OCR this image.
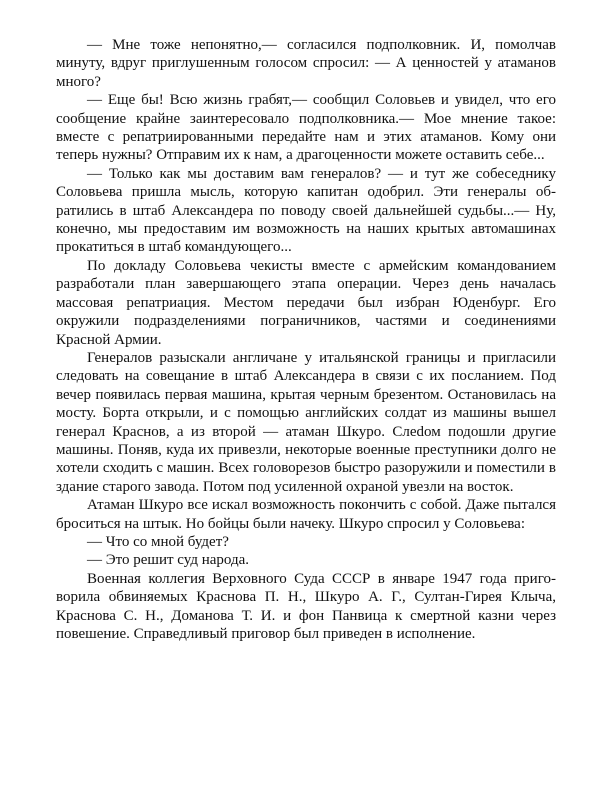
— Мне тоже непонятно,— согласился подполковник. И, помолчав минуту, вдруг приглушенным голосом спросил: — А ценностей у атаманов много?

— Еще бы! Всю жизнь грабят,— сообщил Соловьев и увидел, что его сообщение крайне заинтересовало подполковника.— Мое мнение такое: вместе с репатриированными передайте нам и этих атаманов. Кому они теперь нужны? Отправим их к нам, а драгоценности можете оставить себе...

— Только как мы доставим вам генералов? — и тут же собеседнику Соловьева пришла мысль, которую капитан одобрил. Эти генералы обратились в штаб Александера по поводу своей дальнейшей судьбы...— Ну, конечно, мы предоставим им возможность на наших крытых автомашинах прокатиться в штаб командующего...

По докладу Соловьева чекисты вместе с армейским командованием разработали план завершающего этапа операции. Через день началась массовая репатриация. Местом передачи был избран Юденбург. Его окружили подразделениями пограничников, частями и соединениями Красной Армии.

Генералов разыскали англичане у итальянской границы и пригласили следовать на совещание в штаб Александера в связи с их посланием. Под вечер появилась первая машина, крытая черным брезентом. Остановилась на мосту. Борта открыли, и с помощью английских солдат из машины вышел генерал Краснов, а из второй — атаман Шкуро. Слеdом подошли другие машины. Поняв, куда их привезли, некоторые военные преступники долго не хотели сходить с машин. Всех головорезов быстро разоружили и поместили в здание старого завода. Потом под усиленной охраной увезли на восток.

Атаман Шкуро все искал возможность покончить с собой. Даже пытался броситься на штык. Но бойцы были начеку. Шкуро спросил у Соловьева:

— Что со мной будет?

— Это решит суд народа.

Военная коллегия Верховного Суда СССР в январе 1947 года приговорила обвиняемых Краснова П. Н., Шкуро А. Г., Султан-Гирея Клыча, Краснова С. Н., Доманова Т. И. и фон Панвица к смертной казни через повешение. Справедливый приговор был приведен в исполнение.
